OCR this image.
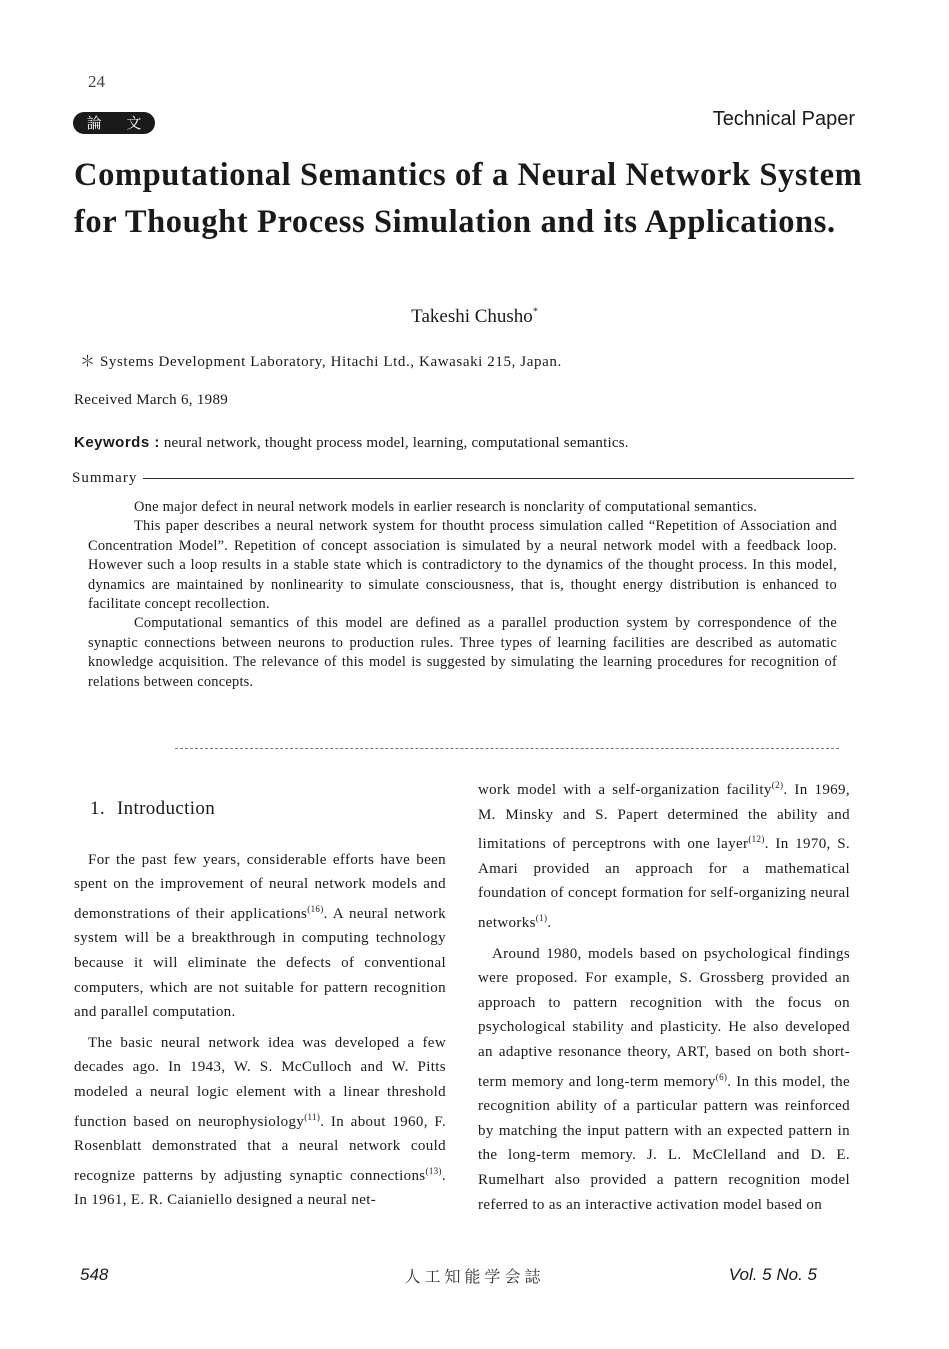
24
論 文	Technical Paper
Computational Semantics of a Neural Network System for Thought Process Simulation and its Applications.
Takeshi Chusho*
＊ Systems Development Laboratory, Hitachi Ltd., Kawasaki 215, Japan.
Received March 6, 1989
Keywords : neural network, thought process model, learning, computational semantics.
Summary

One major defect in neural network models in earlier research is nonclarity of computational semantics.

This paper describes a neural network system for thoutht process simulation called “Repetition of Association and Concentration Model”. Repetition of concept association is simulated by a neural network model with a feedback loop. However such a loop results in a stable state which is contradictory to the dynamics of the thought process. In this model, dynamics are maintained by nonlinearity to simulate consciousness, that is, thought energy distribution is enhanced to facilitate concept recollection.

Computational semantics of this model are defined as a parallel production system by correspondence of the synaptic connections between neurons to production rules. Three types of learning facilities are described as automatic knowledge acquisition. The relevance of this model is suggested by simulating the learning procedures for recognition of relations between concepts.

1. Introduction

For the past few years, considerable efforts have been spent on the improvement of neural network models and demonstrations of their applications$^{(16)}$. A neural network system will be a breakthrough in computing technology because it will eliminate the defects of conventional computers, which are not suitable for pattern recognition and parallel computation.

The basic neural network idea was developed a few decades ago. In 1943, W. S. McCulloch and W. Pitts modeled a neural logic element with a linear threshold function based on neurophysiology$^{(11)}$. In about 1960, F. Rosenblatt demonstrated that a neural network could recognize patterns by adjusting synaptic connections$^{(13)}$. In 1961, E. R. Caianiello designed a neural net-

work model with a self-organization facility$^{(2)}$. In 1969, M. Minsky and S. Papert determined the ability and limitations of perceptrons with one layer$^{(12)}$. In 1970, S. Amari provided an approach for a mathematical foundation of concept formation for self-organizing neural networks$^{(1)}$.

Around 1980, models based on psychological findings were proposed. For example, S. Grossberg provided an approach to pattern recognition with the focus on psychological stability and plasticity. He also developed an adaptive resonance theory, ART, based on both short-term memory and long-term memory$^{(6)}$. In this model, the recognition ability of a particular pattern was reinforced by matching the input pattern with an expected pattern in the long-term memory. J. L. McClelland and D. E. Rumelhart also provided a pattern recognition model referred to as an interactive activation model based on

548	人工知能学会誌	Vol. 5 No. 5
